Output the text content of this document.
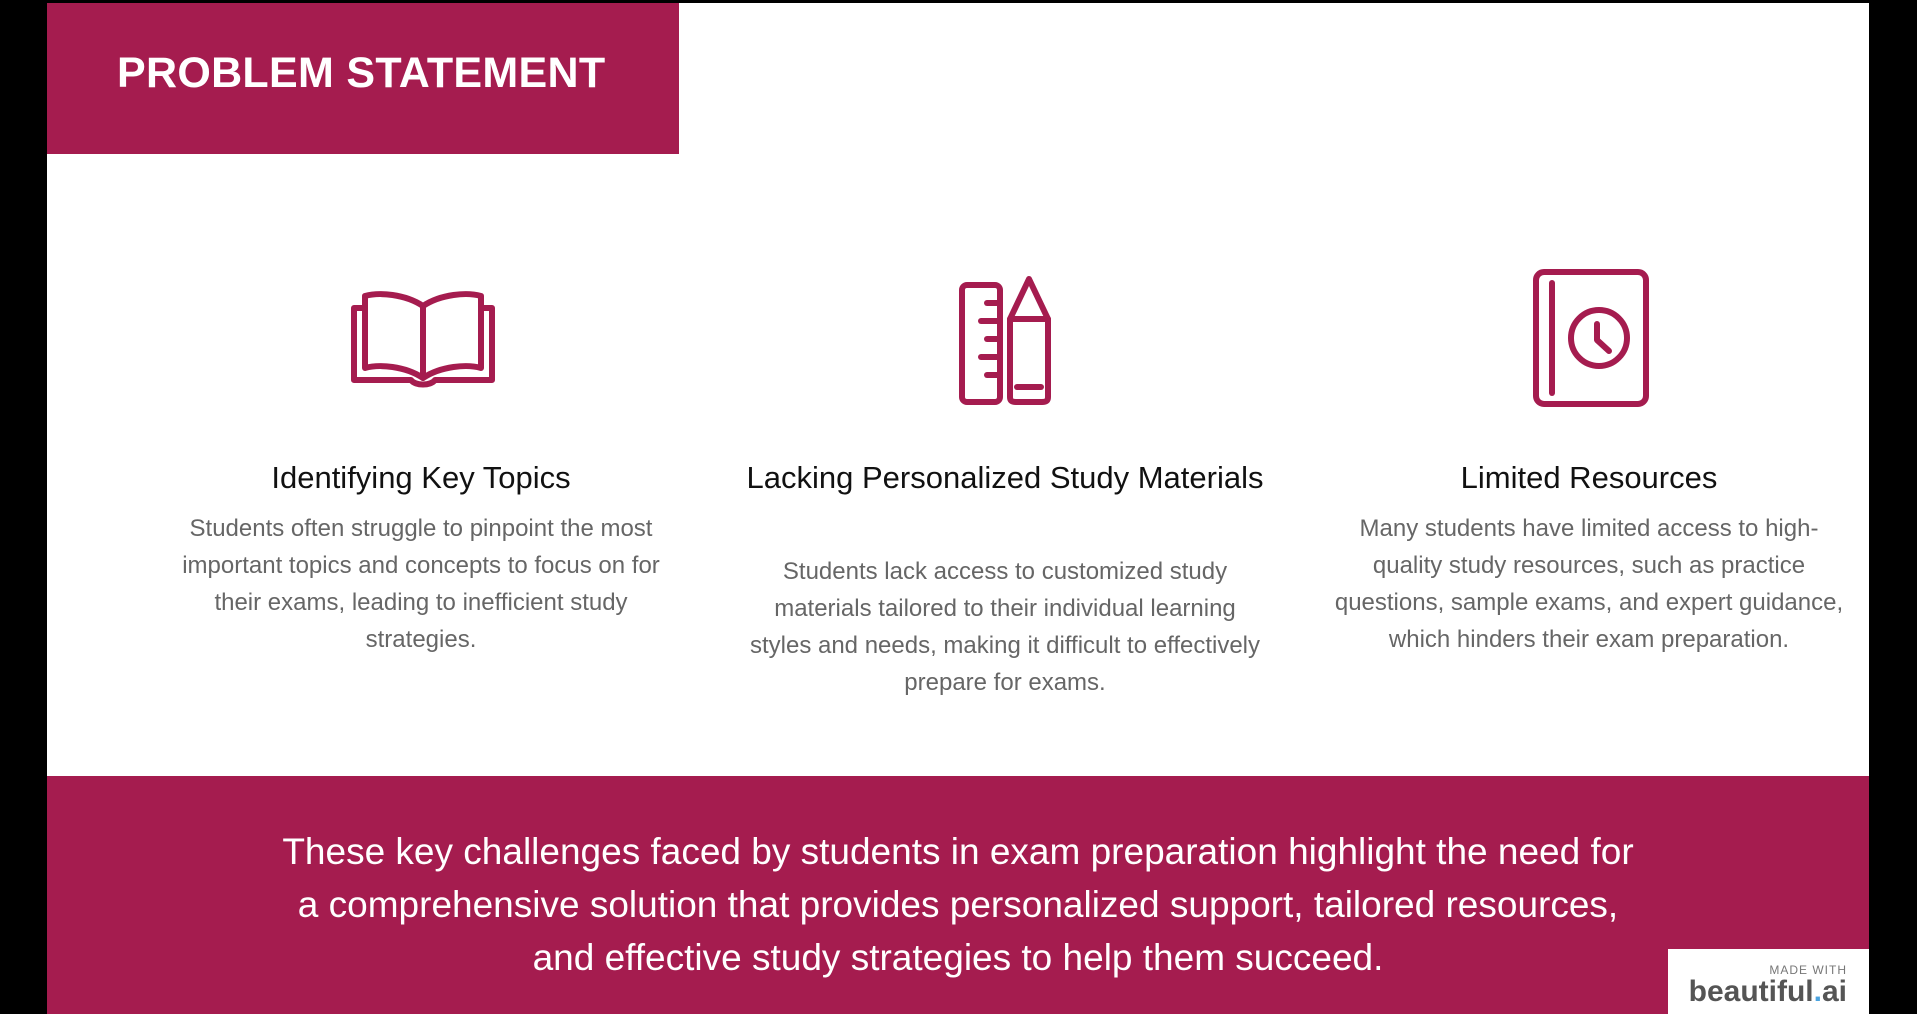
PROBLEM STATEMENT
Identifying Key Topics
Students often struggle to pinpoint the most important topics and concepts to focus on for their exams, leading to inefficient study strategies.
Lacking Personalized Study Materials
Students lack access to customized study materials tailored to their individual learning styles and needs, making it difficult to effectively prepare for exams.
Limited Resources
Many students have limited access to high-quality study resources, such as practice questions, sample exams, and expert guidance, which hinders their exam preparation.
These key challenges faced by students in exam preparation highlight the need for a comprehensive solution that provides personalized support, tailored resources, and effective study strategies to help them succeed.	MADE WITH
beautiful.ai
